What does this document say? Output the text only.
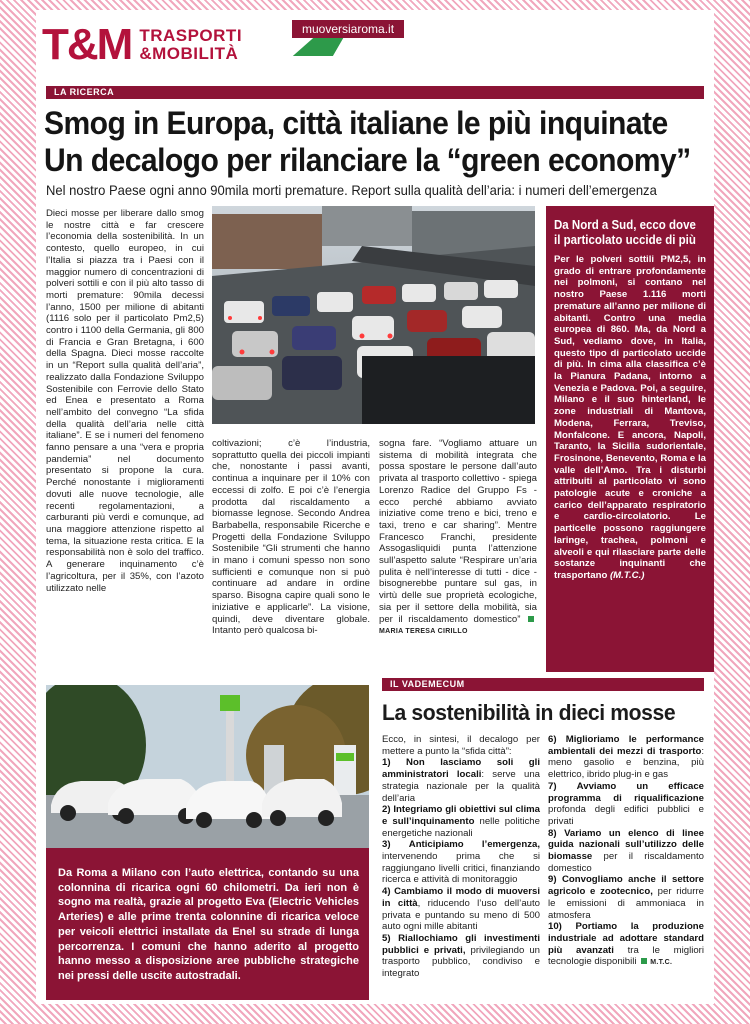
T&M TRASPORTI
&MOBILITÀ
muoversiaroma.it
LA RICERCA
Smog in Europa, città italiane le più inquinate
Un decalogo per rilanciare la “green economy”
Nel nostro Paese ogni anno 90mila morti premature. Report sulla qualità dell’aria: i numeri dell’emergenza
Dieci mosse per liberare dallo smog le nostre città e far crescere l’economia della sostenibilità. In un contesto, quello europeo, in cui l’Italia si piazza tra i Paesi con il maggior numero di concentrazioni di polveri sottili e con il più alto tasso di morti premature: 90mila decessi l’anno, 1500 per milione di abitanti (1116 solo per il particolato Pm2,5) contro i 1100 della Germania, gli 800 di Francia e Gran Bretagna, i 600 della Spagna. Dieci mosse raccolte in un “Report sulla qualità dell’aria”, realizzato dalla Fondazione Sviluppo Sostenibile con Ferrovie dello Stato ed Enea e presentato a Roma nell’ambito del convegno “La sfida della qualità dell’aria nelle città italiane”. E se i numeri del fenomeno fanno pensare a una “vera e propria pandemia” nel documento presentato si propone la cura. Perché nonostante i miglioramenti dovuti alle nuove tecnologie, alle recenti regolamentazioni, a carburanti più verdi e comunque, ad una maggiore attenzione rispetto al tema, la situazione resta critica. E la responsabilità non è solo del traffico. A generare inquinamento c’è l’agricoltura, per il 35%, con l’azoto utilizzato nelle
coltivazioni; c’è l’industria, soprattutto quella dei piccoli impianti che, nonostante i passi avanti, continua a inquinare per il 10% con eccessi di zolfo. E poi c’è l’energia prodotta dal riscaldamento a biomasse legnose. Secondo Andrea Barbabella, responsabile Ricerche e Progetti della Fondazione Sviluppo Sostenibile “Gli strumenti che hanno in mano i comuni spesso non sono sufficienti e comunque non si può continuare ad andare in ordine sparso. Bisogna capire quali sono le iniziative e applicarle”. La visione, quindi, deve diventare globale. Intanto però qualcosa bi-
sogna fare. “Vogliamo attuare un sistema di mobilità integrata che possa spostare le persone dall’auto privata al trasporto collettivo - spiega Lorenzo Radice del Gruppo Fs - ecco perché abbiamo avviato iniziative come treno e bici, treno e taxi, treno e car sharing”. Mentre Francesco Franchi, presidente Assogasliquidi punta l’attenzione sull’aspetto salute “Respirare un’aria pulita è nell’interesse di tutti - dice - bisognerebbe puntare sul gas, in virtù delle sue proprietà ecologiche, sia per il settore della mobilità, sia per il riscaldamento domestico” MARIA TERESA CIRILLO
Da Nord a Sud, ecco dove
il particolato uccide di più

Per le polveri sottili PM2,5, in grado di entrare profondamente nei polmoni, si contano nel nostro Paese 1.116 morti premature all’anno per milione di abitanti. Contro una media europea di 860. Ma, da Nord a Sud, vediamo dove, in Italia, questo tipo di particolato uccide di più. In cima alla classifica c’è la Pianura Padana, intorno a Venezia e Padova. Poi, a seguire, Milano e il suo hinterland, le zone industriali di Mantova, Modena, Ferrara, Treviso, Monfalcone. E ancora, Napoli, Taranto, la Sicilia sudorientale, Frosinone, Benevento, Roma e la valle dell’Amo. Tra i disturbi attribuiti al particolato vi sono patologie acute e croniche a carico dell’apparato respiratorio e cardio-circolatorio. Le particelle possono raggiungere laringe, trachea, polmoni e alveoli e qui rilasciare parte delle sostanze inquinanti che trasportano (M.T.C.)

Da Roma a Milano con l’auto elettrica, contando su una colonnina di ricarica ogni 60 chilometri. Da ieri non è sogno ma realtà, grazie al progetto Eva (Electric Vehicles Arteries) e alle prime trenta colonnine di ricarica veloce per veicoli elettrici installate da Enel su strade di lunga percorrenza. I comuni che hanno aderito al progetto hanno messo a disposizione aree pubbliche strategiche nei pressi delle uscite autostradali.
IL VADEMECUM
La sostenibilità in dieci mosse
Ecco, in sintesi, il decalogo per mettere a punto la “sfida città”:
1) Non lasciamo soli gli amministratori locali: serve una strategia nazionale per la qualità dell’aria
2) Integriamo gli obiettivi sul clima e sull’inquinamento nelle politiche energetiche nazionali
3) Anticipiamo l’emergenza, intervenendo prima che si raggiungano livelli critici, finanziando ricerca e attività di monitoraggio
4) Cambiamo il modo di muoversi in città, riducendo l’uso dell’auto privata e puntando su meno di 500 auto ogni mille abitanti
5) Riallochiamo gli investimenti pubblici e privati, privilegiando un trasporto pubblico, condiviso e integrato
6) Miglioriamo le performance ambientali dei mezzi di trasporto: meno gasolio e benzina, più elettrico, ibrido plug-in e gas
7) Avviamo un efficace programma di riqualificazione profonda degli edifici pubblici e privati
8) Variamo un elenco di linee guida nazionali sull’utilizzo delle biomasse per il riscaldamento domestico
9) Convogliamo anche il settore agricolo e zootecnico, per ridurre le emissioni di ammoniaca in atmosfera
10) Portiamo la produzione industriale ad adottare standard più avanzati tra le migliori tecnologie disponibili M.T.C.
